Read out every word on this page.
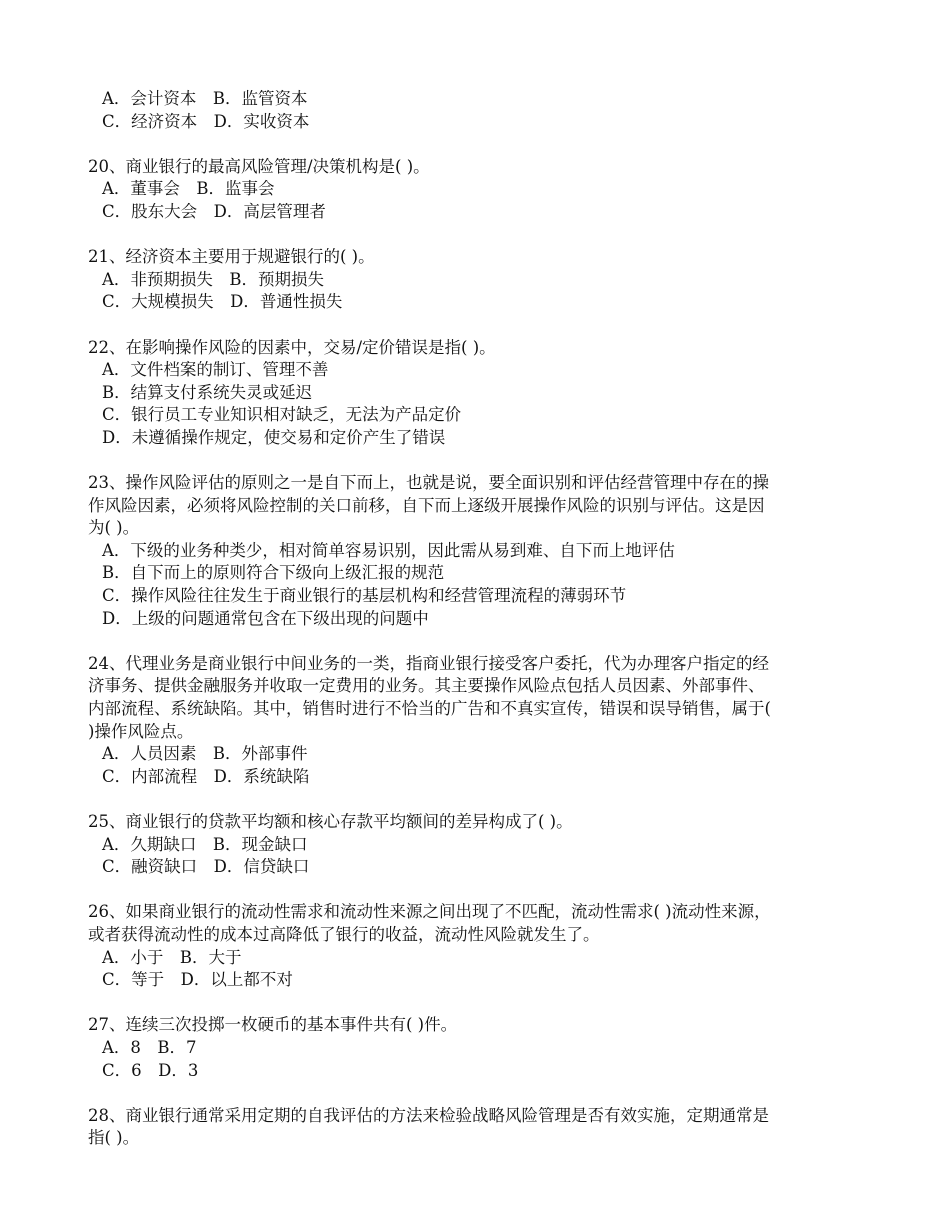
A．会计资本　B．监管资本
C．经济资本　D．实收资本
20、商业银行的最高风险管理/决策机构是( )。
A．董事会　B．监事会
C．股东大会　D．高层管理者
21、经济资本主要用于规避银行的( )。
A．非预期损失　B．预期损失
C．大规模损失　D．普通性损失
22、在影响操作风险的因素中，交易/定价错误是指( )。
A．文件档案的制订、管理不善
B．结算支付系统失灵或延迟
C．银行员工专业知识相对缺乏，无法为产品定价
D．未遵循操作规定，使交易和定价产生了错误
23、操作风险评估的原则之一是自下而上，也就是说，要全面识别和评估经营管理中存在的操
作风险因素，必须将风险控制的关口前移，自下而上逐级开展操作风险的识别与评估。这是因
为( )。
A．下级的业务种类少，相对简单容易识别，因此需从易到难、自下而上地评估
B．自下而上的原则符合下级向上级汇报的规范
C．操作风险往往发生于商业银行的基层机构和经营管理流程的薄弱环节
D．上级的问题通常包含在下级出现的问题中
24、代理业务是商业银行中间业务的一类，指商业银行接受客户委托，代为办理客户指定的经
济事务、提供金融服务并收取一定费用的业务。其主要操作风险点包括人员因素、外部事件、
内部流程、系统缺陷。其中，销售时进行不恰当的广告和不真实宣传，错误和误导销售，属于(
)操作风险点。
A．人员因素　B．外部事件
C．内部流程　D．系统缺陷
25、商业银行的贷款平均额和核心存款平均额间的差异构成了( )。
A．久期缺口　B．现金缺口
C．融资缺口　D．信贷缺口
26、如果商业银行的流动性需求和流动性来源之间出现了不匹配，流动性需求( )流动性来源，
或者获得流动性的成本过高降低了银行的收益，流动性风险就发生了。
A．小于　B．大于
C．等于　D．以上都不对
27、连续三次投掷一枚硬币的基本事件共有( )件。
A．8　B．7
C．6　D．3
28、商业银行通常采用定期的自我评估的方法来检验战略风险管理是否有效实施，定期通常是
指( )。
